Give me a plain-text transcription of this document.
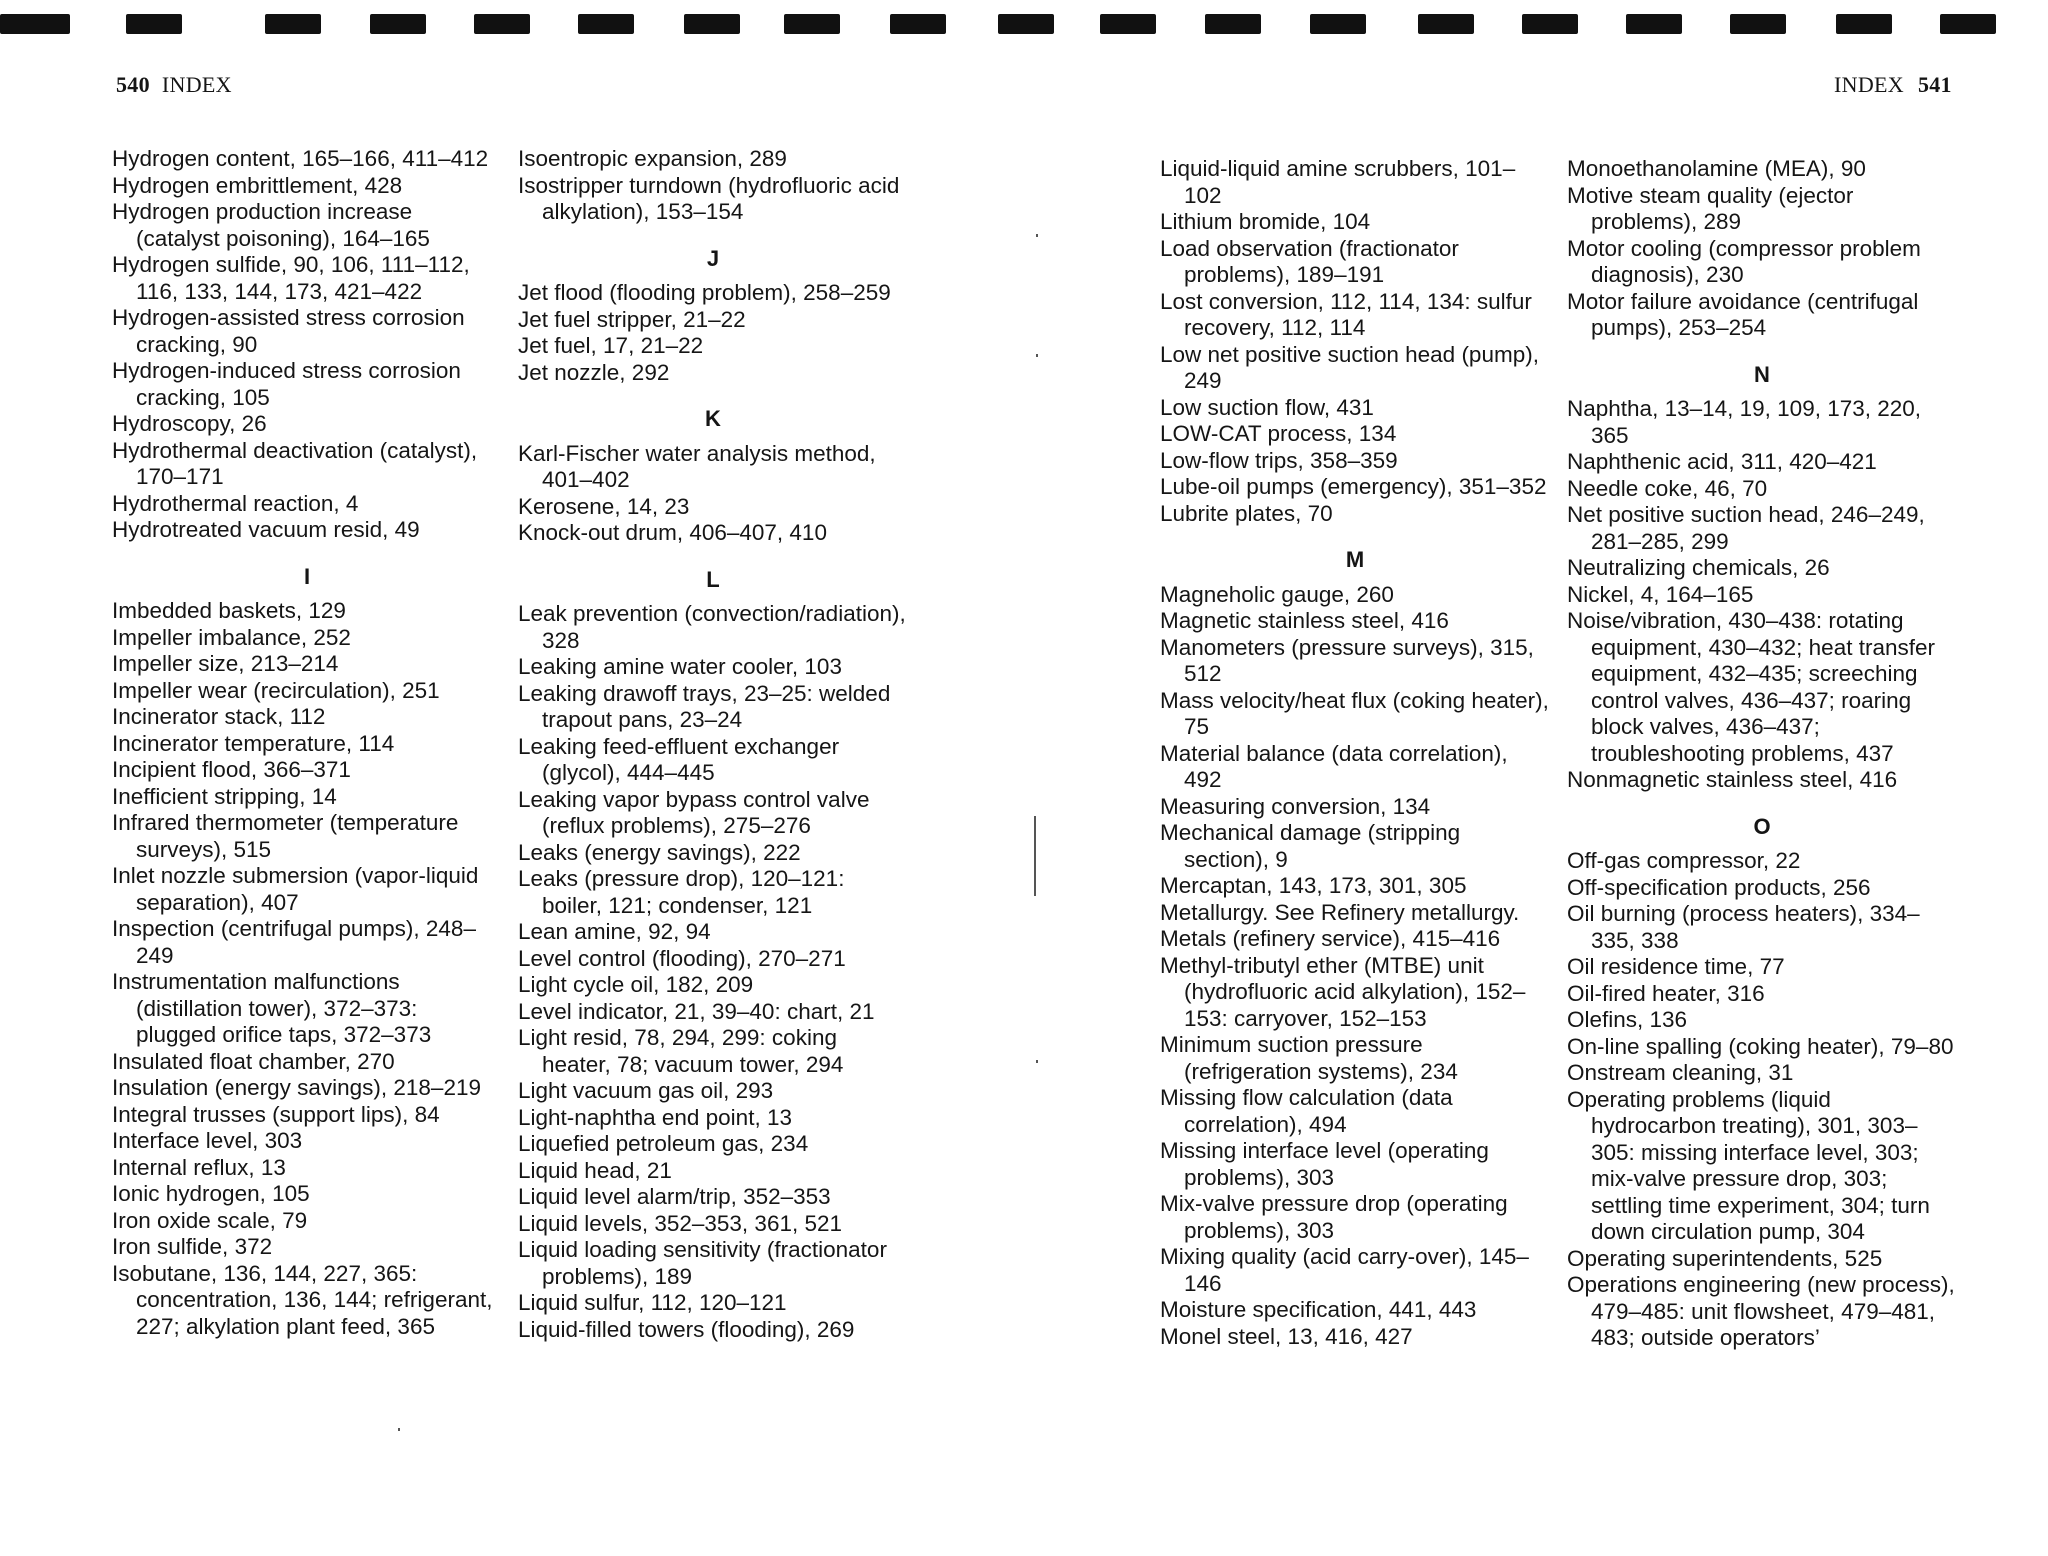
540 INDEX	INDEX 541
Hydrogen content, 165–166, 411–412
Hydrogen embrittlement, 428
Hydrogen production increase (catalyst poisoning), 164–165
Hydrogen sulfide, 90, 106, 111–112, 116, 133, 144, 173, 421–422
Hydrogen-assisted stress corrosion cracking, 90
Hydrogen-induced stress corrosion cracking, 105
Hydroscopy, 26
Hydrothermal deactivation (catalyst), 170–171
Hydrothermal reaction, 4
Hydrotreated vacuum resid, 49
I
Imbedded baskets, 129
Impeller imbalance, 252
Impeller size, 213–214
Impeller wear (recirculation), 251
Incinerator stack, 112
Incinerator temperature, 114
Incipient flood, 366–371
Inefficient stripping, 14
Infrared thermometer (temperature surveys), 515
Inlet nozzle submersion (vapor-liquid separation), 407
Inspection (centrifugal pumps), 248–249
Instrumentation malfunctions (distillation tower), 372–373: plugged orifice taps, 372–373
Insulated float chamber, 270
Insulation (energy savings), 218–219
Integral trusses (support lips), 84
Interface level, 303
Internal reflux, 13
Ionic hydrogen, 105
Iron oxide scale, 79
Iron sulfide, 372
Isobutane, 136, 144, 227, 365: concentration, 136, 144; refrigerant, 227; alkylation plant feed, 365
Isoentropic expansion, 289
Isostripper turndown (hydrofluoric acid alkylation), 153–154
J
Jet flood (flooding problem), 258–259
Jet fuel stripper, 21–22
Jet fuel, 17, 21–22
Jet nozzle, 292
K
Karl-Fischer water analysis method, 401–402
Kerosene, 14, 23
Knock-out drum, 406–407, 410
L
Leak prevention (convection/radiation), 328
Leaking amine water cooler, 103
Leaking drawoff trays, 23–25: welded trapout pans, 23–24
Leaking feed-effluent exchanger (glycol), 444–445
Leaking vapor bypass control valve (reflux problems), 275–276
Leaks (energy savings), 222
Leaks (pressure drop), 120–121: boiler, 121; condenser, 121
Lean amine, 92, 94
Level control (flooding), 270–271
Light cycle oil, 182, 209
Level indicator, 21, 39–40: chart, 21
Light resid, 78, 294, 299: coking heater, 78; vacuum tower, 294
Light vacuum gas oil, 293
Light-naphtha end point, 13
Liquefied petroleum gas, 234
Liquid head, 21
Liquid level alarm/trip, 352–353
Liquid levels, 352–353, 361, 521
Liquid loading sensitivity (fractionator problems), 189
Liquid sulfur, 112, 120–121
Liquid-filled towers (flooding), 269
Liquid-liquid amine scrubbers, 101–102
Lithium bromide, 104
Load observation (fractionator problems), 189–191
Lost conversion, 112, 114, 134: sulfur recovery, 112, 114
Low net positive suction head (pump), 249
Low suction flow, 431
LOW-CAT process, 134
Low-flow trips, 358–359
Lube-oil pumps (emergency), 351–352
Lubrite plates, 70
M
Magneholic gauge, 260
Magnetic stainless steel, 416
Manometers (pressure surveys), 315, 512
Mass velocity/heat flux (coking heater), 75
Material balance (data correlation), 492
Measuring conversion, 134
Mechanical damage (stripping section), 9
Mercaptan, 143, 173, 301, 305
Metallurgy. See Refinery metallurgy.
Metals (refinery service), 415–416
Methyl-tributyl ether (MTBE) unit (hydrofluoric acid alkylation), 152–153: carryover, 152–153
Minimum suction pressure (refrigeration systems), 234
Missing flow calculation (data correlation), 494
Missing interface level (operating problems), 303
Mix-valve pressure drop (operating problems), 303
Mixing quality (acid carry-over), 145–146
Moisture specification, 441, 443
Monel steel, 13, 416, 427
Monoethanolamine (MEA), 90
Motive steam quality (ejector problems), 289
Motor cooling (compressor problem diagnosis), 230
Motor failure avoidance (centrifugal pumps), 253–254
N
Naphtha, 13–14, 19, 109, 173, 220, 365
Naphthenic acid, 311, 420–421
Needle coke, 46, 70
Net positive suction head, 246–249, 281–285, 299
Neutralizing chemicals, 26
Nickel, 4, 164–165
Noise/vibration, 430–438: rotating equipment, 430–432; heat transfer equipment, 432–435; screeching control valves, 436–437; roaring block valves, 436–437; troubleshooting problems, 437
Nonmagnetic stainless steel, 416
O
Off-gas compressor, 22
Off-specification products, 256
Oil burning (process heaters), 334–335, 338
Oil residence time, 77
Oil-fired heater, 316
Olefins, 136
On-line spalling (coking heater), 79–80
Onstream cleaning, 31
Operating problems (liquid hydrocarbon treating), 301, 303–305: missing interface level, 303; mix-valve pressure drop, 303; settling time experiment, 304; turn down circulation pump, 304
Operating superintendents, 525
Operations engineering (new process), 479–485: unit flowsheet, 479–481, 483; outside operators’
